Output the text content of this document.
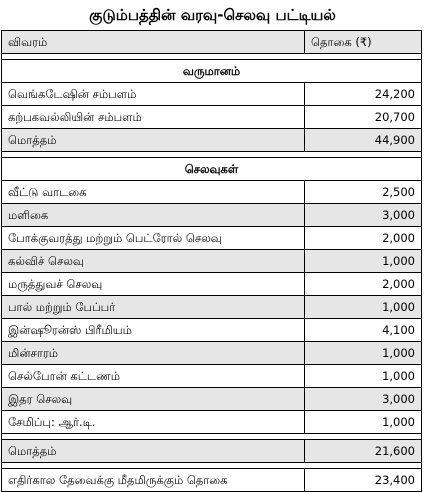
குடும்பத்தின் வரவு-செலவு பட்டியல்
விவரம்	தொகை (₹)

வருமானம்	
வெங்கடேஷின் சம்பளம்	24,200
கற்பகவல்லியின் சம்பளம்	20,700
மொத்தம்	44,900

செலவுகள்	
வீட்டு வாடகை	2,500
மளிகை	3,000
போக்குவரத்து மற்றும் பெட்ரோல் செலவு	2,000
கல்விச் செலவு	1,000
மருத்துவச் செலவு	2,000
பால் மற்றும் பேப்பர்	1,000
இன்ஷூரன்ஸ் பிரீமியம்	4,100
மின்சாரம்	1,000
செல்போன் கட்டணம்	1,000
இதர செலவு	3,000
சேமிப்பு: ஆர்.டி.	1,000

மொத்தம்	21,600

எதிர்கால தேவைக்கு மீதமிருக்கும் தொகை	23,400
